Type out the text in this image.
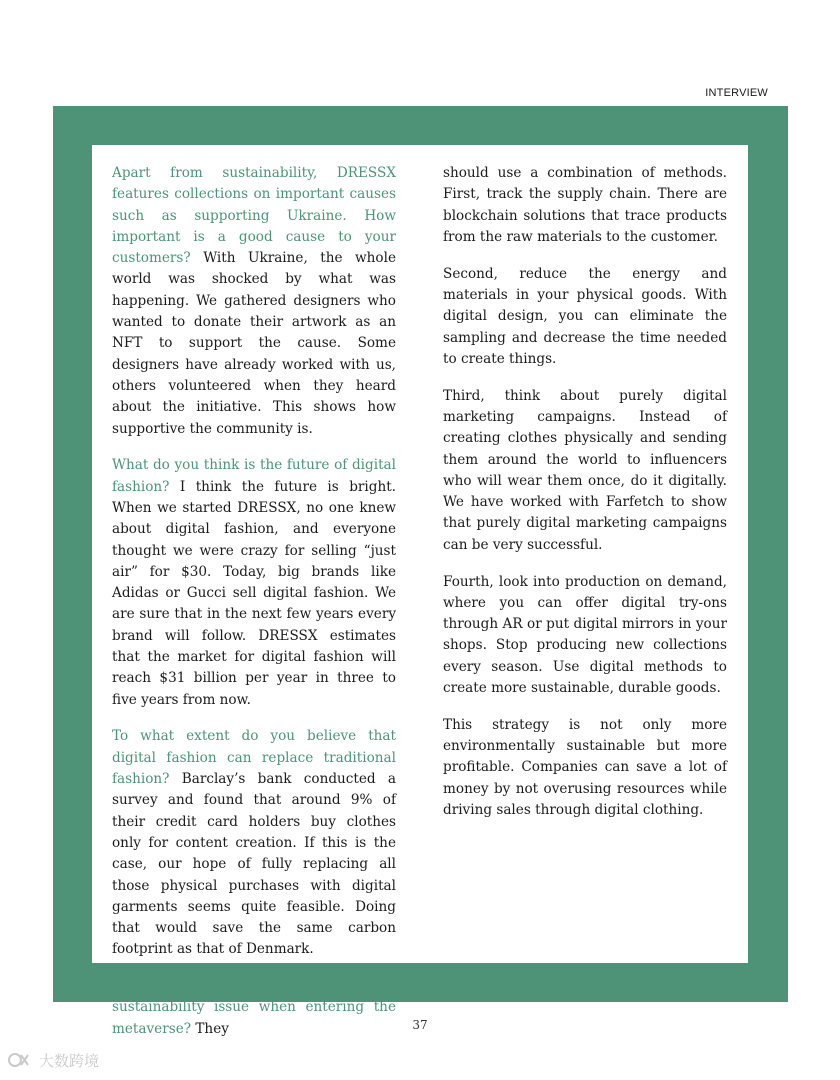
INTERVIEW

Apart from sustainability, DRESSX features collections on important causes such as supporting Ukraine. How important is a good cause to your customers? With Ukraine, the whole world was shocked by what was happening. We gathered designers who wanted to donate their artwork as an NFT to support the cause. Some designers have already worked with us, others volunteered when they heard about the initiative. This shows how supportive the community is.

What do you think is the future of digital fashion? I think the future is bright. When we started DRESSX, no one knew about digital fashion, and everyone thought we were crazy for selling “just air” for $30. Today, big brands like Adidas or Gucci sell digital fashion. We are sure that in the next few years every brand will follow. DRESSX estimates that the market for digital fashion will reach $31 billion per year in three to five years from now.

To what extent do you believe that digital fashion can replace traditional fashion? Barclay’s bank conducted a survey and found that around 9% of their credit card holders buy clothes only for content creation. If this is the case, our hope of fully replacing all those physical purchases with digital garments seems quite feasible. Doing that would save the same carbon footprint as that of Denmark.

How can companies cover the sustainability issue when entering the metaverse? They

should use a combination of methods. First, track the supply chain. There are blockchain solutions that trace products from the raw materials to the customer.

Second, reduce the energy and materials in your physical goods. With digital design, you can eliminate the sampling and decrease the time needed to create things.

Third, think about purely digital marketing campaigns. Instead of creating clothes physically and sending them around the world to influencers who will wear them once, do it digitally. We have worked with Farfetch to show that purely digital marketing campaigns can be very successful.

Fourth, look into production on demand, where you can offer digital try-ons through AR or put digital mirrors in your shops. Stop producing new collections every season. Use digital methods to create more sustainable, durable goods.

This strategy is not only more environmentally sustainable but more profitable. Companies can save a lot of money by not overusing resources while driving sales through digital clothing.

37
大数跨境
